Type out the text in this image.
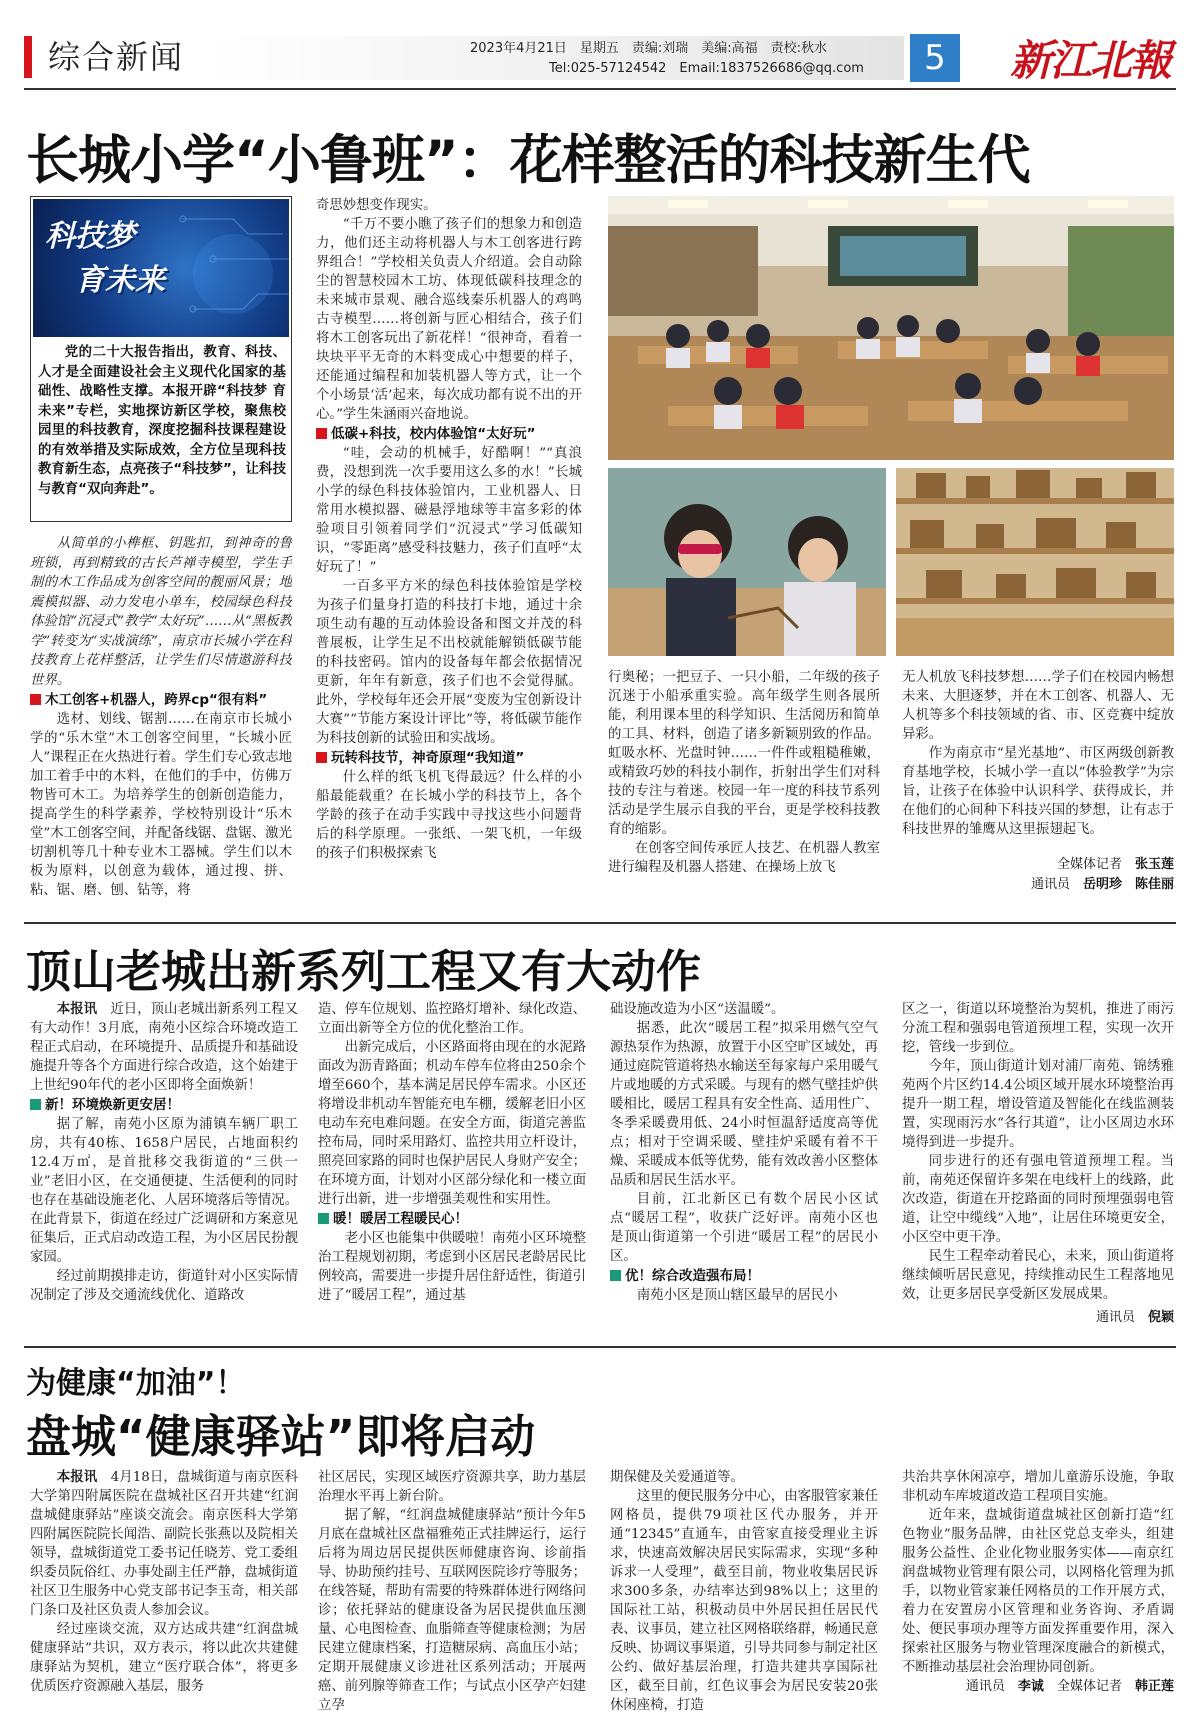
综合新闻	2023年4月21日　星期五　责编:刘瑞　美编:高福　责校:秋水
Tel:025-57124542　Email:1837526686@qq.com	5	新江北報
长城小学“小鲁班”：花样整活的科技新生代
科技梦
育未来

党的二十大报告指出，教育、科技、人才是全面建设社会主义现代化国家的基础性、战略性支撑。本报开辟“科技梦 育未来”专栏，实地探访新区学校，聚焦校园里的科技教育，深度挖掘科技课程建设的有效举措及实际成效，全方位呈现科技教育新生态，点亮孩子“科技梦”，让科技与教育“双向奔赴”。

从简单的小榫框、钥匙扣，到神奇的鲁班锁，再到精致的古长芦禅寺模型，学生手制的木工作品成为创客空间的靓丽风景；地震模拟器、动力发电小单车，校园绿色科技体验馆“沉浸式”教学“太好玩”……从“黑板教学”转变为“实战演练”，南京市长城小学在科技教育上花样整活，让学生们尽情遨游科技世界。

木工创客+机器人，跨界cp“很有料”

选材、划线、锯割……在南京市长城小学的“乐木堂”木工创客空间里，“长城小匠人”课程正在火热进行着。学生们专心致志地加工着手中的木料，在他们的手中，仿佛万物皆可木工。为培养学生的创新创造能力，提高学生的科学素养，学校特别设计“乐木堂”木工创客空间，并配备线锯、盘锯、激光切割机等几十种专业木工器械。学生们以木板为原料，以创意为载体，通过搜、拼、粘、锯、磨、刨、钻等，将

奇思妙想变作现实。

“千万不要小瞧了孩子们的想象力和创造力，他们还主动将机器人与木工创客进行跨界组合！”学校相关负责人介绍道。会自动除尘的智慧校园木工坊、体现低碳科技理念的未来城市景观、融合巡线秦乐机器人的鸡鸣古寺模型……将创新与匠心相结合，孩子们将木工创客玩出了新花样！“很神奇，看着一块块平平无奇的木料变成心中想要的样子，还能通过编程和加装机器人等方式，让一个个小场景‘活’起来，每次成功都有说不出的开心。”学生朱涵雨兴奋地说。

低碳+科技，校内体验馆“太好玩”

“哇，会动的机械手，好酷啊！”“真浪费，没想到洗一次手要用这么多的水！”长城小学的绿色科技体验馆内，工业机器人、日常用水模拟器、磁悬浮地球等丰富多彩的体验项目引领着同学们“沉浸式”学习低碳知识，“零距离”感受科技魅力，孩子们直呼“太好玩了！”

一百多平方米的绿色科技体验馆是学校为孩子们量身打造的科技打卡地，通过十余项生动有趣的互动体验设备和图文并茂的科普展板，让学生足不出校就能解锁低碳节能的科技密码。馆内的设备每年都会依据情况更新，年年有新意，孩子们也不会觉得腻。此外，学校每年还会开展“变废为宝创新设计大赛”“节能方案设计评比”等，将低碳节能作为科技创新的试验田和实战场。

玩转科技节，神奇原理“我知道”

什么样的纸飞机飞得最远？什么样的小船最能载重？在长城小学的科技节上，各个学龄的孩子在动手实践中寻找这些小问题背后的科学原理。一张纸、一架飞机，一年级的孩子们积极探索飞

行奥秘；一把豆子、一只小船，二年级的孩子沉迷于小船承重实验。高年级学生则各展所能，利用课本里的科学知识、生活阅历和简单的工具、材料，创造了诸多新颖别致的作品。虹吸水杯、光盘时钟……一件件或粗糙稚嫩，或精致巧妙的科技小制作，折射出学生们对科技的专注与着迷。校园一年一度的科技节系列活动是学生展示自我的平台，更是学校科技教育的缩影。

在创客空间传承匠人技艺、在机器人教室进行编程及机器人搭建、在操场上放飞

无人机放飞科技梦想……学子们在校园内畅想未来、大胆逐梦，并在木工创客、机器人、无人机等多个科技领域的省、市、区竞赛中绽放异彩。

作为南京市“星光基地”、市区两级创新教育基地学校，长城小学一直以“体验教学”为宗旨，让孩子在体验中认识科学、获得成长，并在他们的心间种下科技兴国的梦想，让有志于科技世界的雏鹰从这里振翅起飞。

全媒体记者　 张玉莲　　
通讯员　 岳明珍　陈佳丽
顶山老城出新系列工程又有大动作

本报讯　 近日，顶山老城出新系列工程又有大动作！3月底，南苑小区综合环境改造工程正式启动，在环境提升、品质提升和基础设施提升等各个方面进行综合改造，这个始建于上世纪90年代的老小区即将全面焕新！

新！环境焕新更安居！

据了解，南苑小区原为浦镇车辆厂职工房，共有40栋、1658户居民，占地面积约12.4万㎡，是首批移交我街道的“三供一业”老旧小区，在交通便捷、生活便利的同时也存在基础设施老化、人居环境落后等情况。在此背景下，街道在经过广泛调研和方案意见征集后，正式启动改造工程，为小区居民扮靓家园。

经过前期摸排走访，街道针对小区实际情况制定了涉及交通流线优化、道路改

造、停车位规划、监控路灯增补、绿化改造、立面出新等全方位的优化整治工作。

出新完成后，小区路面将由现在的水泥路面改为沥青路面；机动车停车位将由250余个增至660个，基本满足居民停车需求。小区还将增设非机动车智能充电车棚，缓解老旧小区电动车充电难问题。在安全方面，街道完善监控布局，同时采用路灯、监控共用立杆设计，照亮回家路的同时也保护居民人身财产安全；在环境方面，计划对小区部分绿化和一楼立面进行出新，进一步增强美观性和实用性。

暖！暖居工程暖民心！

老小区也能集中供暖啦！南苑小区环境整治工程规划初期，考虑到小区居民老龄居民比例较高，需要进一步提升居住舒适性，街道引进了“暖居工程”，通过基

础设施改造为小区“送温暖”。

据悉，此次“暖居工程”拟采用燃气空气源热泵作为热源，放置于小区空旷区域处，再通过庭院管道将热水输送至每家每户采用暖气片或地暖的方式采暖。与现有的燃气壁挂炉供暖相比，暖居工程具有安全性高、适用性广、冬季采暖费用低、24小时恒温舒适度高等优点；相对于空调采暖、壁挂炉采暖有着不干燥、采暖成本低等优势，能有效改善小区整体品质和居民生活水平。

目前，江北新区已有数个居民小区试点“暖居工程”，收获广泛好评。南苑小区也是顶山街道第一个引进“暖居工程”的居民小区。

优！综合改造强布局！

南苑小区是顶山辖区最早的居民小

区之一，街道以环境整治为契机，推进了雨污分流工程和强弱电管道预埋工程，实现一次开挖，管线一步到位。

今年，顶山街道计划对浦厂南苑、锦绣雅苑两个片区约14.4公顷区域开展水环境整治再提升一期工程，增设管道及智能化在线监测装置，实现雨污水“各行其道”，让小区周边水环境得到进一步提升。

同步进行的还有强电管道预埋工程。当前，南苑还保留许多架在电线杆上的线路，此次改造，街道在开挖路面的同时预埋强弱电管道，让空中缆线“入地”，让居住环境更安全，小区空中更干净。

民生工程牵动着民心，未来，顶山街道将继续倾听居民意见，持续推动民生工程落地见效，让更多居民享受新区发展成果。

通讯员　 倪颖
为健康“加油”！
盘城“健康驿站”即将启动

本报讯　 4月18日，盘城街道与南京医科大学第四附属医院在盘城社区召开共建“红润盘城健康驿站”座谈交流会。南京医科大学第四附属医院院长闻浩、副院长张燕以及院相关领导，盘城街道党工委书记任晓芳、党工委组织委员阮俗红、办事处副主任严静，盘城街道社区卫生服务中心党支部书记李玉奇，相关部门条口及社区负责人参加会议。

经过座谈交流，双方达成共建“红润盘城健康驿站”共识，双方表示，将以此次共建健康驿站为契机，建立“医疗联合体”，将更多优质医疗资源融入基层，服务

社区居民，实现区域医疗资源共享，助力基层治理水平再上新台阶。

据了解，“红润盘城健康驿站”预计今年5月底在盘城社区盘福雅苑正式挂牌运行，运行后将为周边居民提供医师健康咨询、诊前指导、协助预约挂号、互联网医院诊疗等服务；在线答疑，帮助有需要的特殊群体进行网络问诊；依托驿站的健康设备为居民提供血压测量、心电图检查、血脂筛查等健康检测；为居民建立健康档案，打造糖尿病、高血压小站；定期开展健康义诊进社区系列活动；开展两癌、前列腺等筛查工作；与试点小区孕产妇建立孕

期保健及关爱通道等。

这里的便民服务分中心，由客服管家兼任网格员，提供79项社区代办服务，并开通“12345”直通车，由管家直接受理业主诉求，快速高效解决居民实际需求，实现“多种诉求一人受理”，截至目前，物业收集居民诉求300多条，办结率达到98%以上；这里的国际社工站，积极动员中外居民担任居民代表、议事员，建立社区网格联络群，畅通民意反映、协调议事渠道，引导共同参与制定社区公约、做好基层治理，打造共建共享国际社区，截至目前，红色议事会为居民安装20张休闲座椅，打造

共治共享休闲凉亭，增加儿童游乐设施，争取非机动车库坡道改造工程项目实施。

近年来，盘城街道盘城社区创新打造“红色物业”服务品牌，由社区党总支牵头，组建服务公益性、企业化物业服务实体——南京红润盘城物业管理有限公司，以网格化管理为抓手，以物业管家兼任网格员的工作开展方式，着力在安置房小区管理和业务咨询、矛盾调处、便民事项办理等方面发挥重要作用，深入探索社区服务与物业管理深度融合的新模式，不断推动基层社会治理协同创新。

通讯员　 李诚　 全媒体记者　 韩正莲
